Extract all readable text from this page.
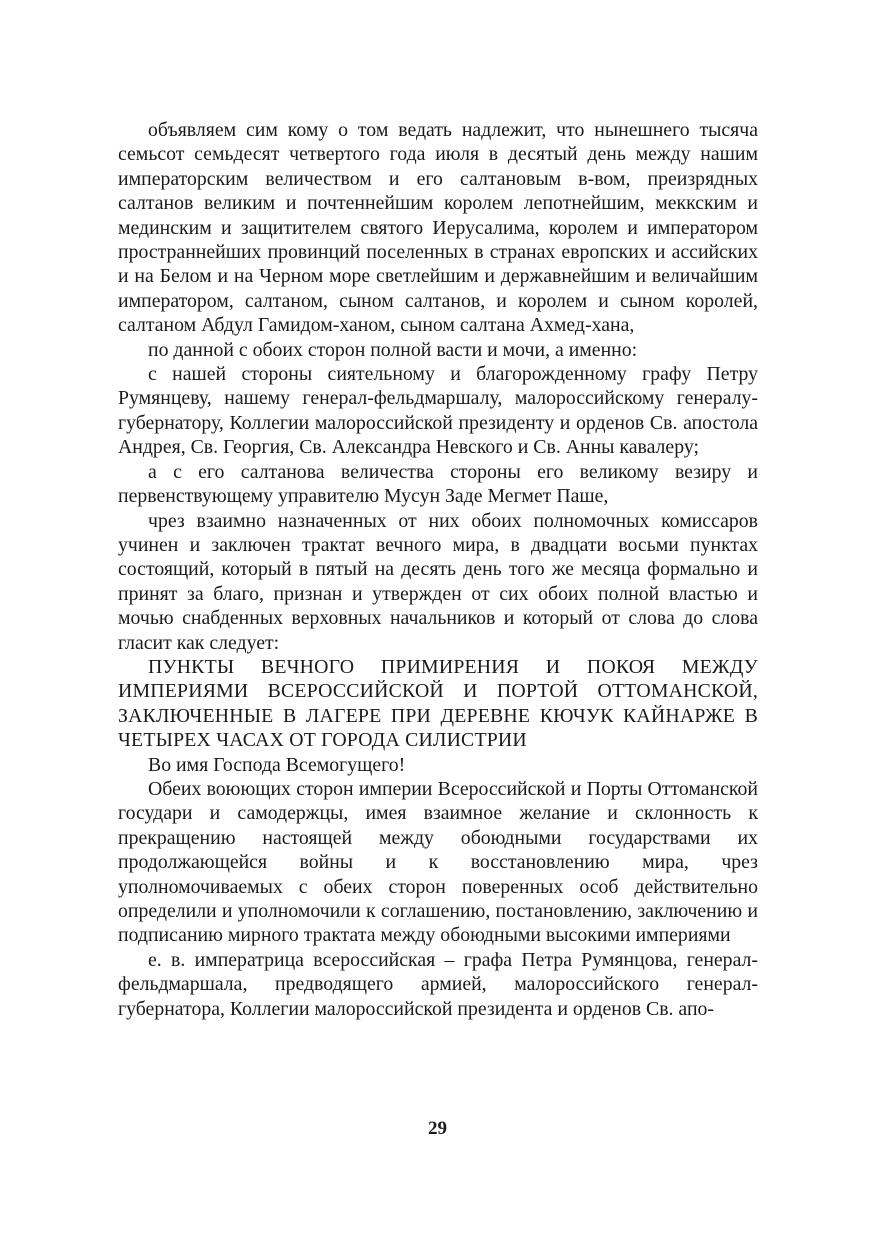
объявляем сим кому о том ведать надлежит, что нынешнего тысяча семьсот семьдесят четвертого года июля в десятый день между нашим императорским величеством и его салтановым в-вом, преизрядных салтанов великим и почтеннейшим королем лепотнейшим, меккским и мединским и защитителем святого Иерусалима, королем и императором пространнейших провинций поселенных в странах европских и ассийских и на Белом и на Черном море светлейшим и державнейшим и величайшим императором, салтаном, сыном салтанов, и королем и сыном королей, салтаном Абдул Гамидом-ханом, сыном салтана Ахмед-хана,

по данной с обоих сторон полной васти и мочи, а именно:

с нашей стороны сиятельному и благорожденному графу Петру Румянцеву, нашему генерал-фельдмаршалу, малороссийскому генералу-губернатору, Коллегии малороссийской президенту и орденов Св. апостола Андрея, Св. Георгия, Св. Александра Невского и Св. Анны кавалеру;

а с его салтанова величества стороны его великому везиру и первенствующему управителю Мусун Заде Мегмет Паше,

чрез взаимно назначенных от них обоих полномочных комиссаров учинен и заключен трактат вечного мира, в двадцати восьми пунктах состоящий, который в пятый на десять день того же месяца формально и принят за благо, признан и утвержден от сих обоих полной властью и мочью снабденных верховных начальников и который от слова до слова гласит как следует:

ПУНКТЫ ВЕЧНОГО ПРИМИРЕНИЯ И ПОКОЯ МЕЖДУ ИМПЕРИЯМИ ВСЕРОССИЙСКОЙ И ПОРТОЙ ОТТОМАНСКОЙ, ЗАКЛЮЧЕННЫЕ В ЛАГЕРЕ ПРИ ДЕРЕВНЕ КЮЧУК КАЙНАРЖЕ В ЧЕТЫРЕХ ЧАСАХ ОТ ГОРОДА СИЛИСТРИИ

Во имя Господа Всемогущего!

Обеих воюющих сторон империи Всероссийской и Порты Оттоманской государи и самодержцы, имея взаимное желание и склонность к прекращению настоящей между обоюдными государствами их продолжающейся войны и к восстановлению мира, чрез уполномочиваемых с обеих сторон поверенных особ действительно определили и уполномочили к соглашению, постановлению, заключению и подписанию мирного трактата между обоюдными высокими империями

е. в. императрица всероссийская – графа Петра Румянцова, генерал-фельдмаршала, предводящего армией, малороссийского генерал-губернатора, Коллегии малороссийской президента и орденов Св. апо-

29
